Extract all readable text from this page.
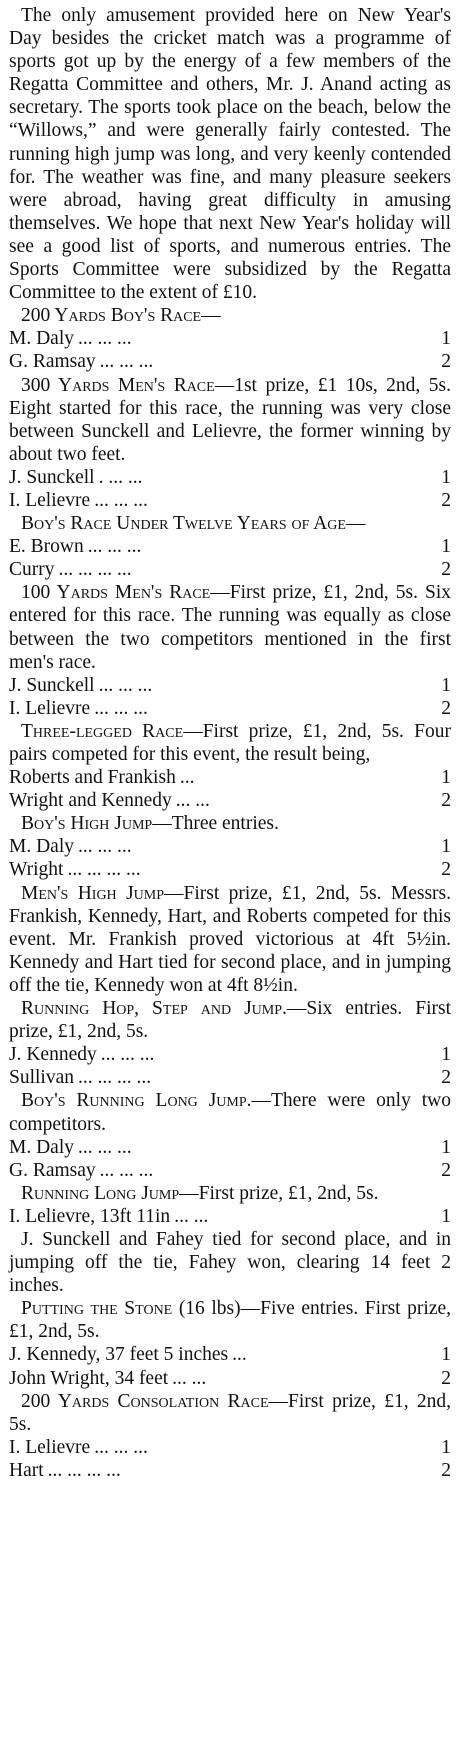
The only amusement provided here on New Year's Day besides the cricket match was a programme of sports got up by the energy of a few members of the Regatta Committee and others, Mr. J. Anand acting as secretary. The sports took place on the beach, below the “Willows,” and were generally fairly contested. The running high jump was long, and very keenly contended for. The weather was fine, and many pleasure seekers were abroad, having great difficulty in amusing themselves. We hope that next New Year's holiday will see a good list of sports, and numerous entries. The Sports Committee were subsidized by the Regatta Committee to the extent of £10.

200 Yards Boy's Race—

M. Daly ... ... ...	1
G. Ramsay ... ... ...	2

300 Yards Men's Race—1st prize, £1 10s, 2nd, 5s. Eight started for this race, the running was very close between Sunckell and Lelievre, the former winning by about two feet.

J. Sunckell . ... ...	1
I. Lelievre ... ... ...	2

Boy's Race Under Twelve Years of Age—

E. Brown ... ... ...	1
Curry ... ... ... ...	2

100 Yards Men's Race—First prize, £1, 2nd, 5s. Six entered for this race. The running was equally as close between the two competitors mentioned in the first men's race.

J. Sunckell ... ... ...	1
I. Lelievre ... ... ...	2

Three-legged Race—First prize, £1, 2nd, 5s. Four pairs competed for this event, the result being,

Roberts and Frankish ...	1
Wright and Kennedy ... ...	2

Boy's High Jump—Three entries.

M. Daly ... ... ...	1
Wright ... ... ... ...	2

Men's High Jump—First prize, £1, 2nd, 5s. Messrs. Frankish, Kennedy, Hart, and Roberts competed for this event. Mr. Frankish proved victorious at 4ft 5½in. Kennedy and Hart tied for second place, and in jumping off the tie, Kennedy won at 4ft 8½in.

Running Hop, Step and Jump.—Six entries. First prize, £1, 2nd, 5s.

J. Kennedy ... ... ...	1
Sullivan ... ... ... ...	2

Boy's Running Long Jump.—There were only two competitors.

M. Daly ... ... ...	1
G. Ramsay ... ... ...	2

Running Long Jump—First prize, £1, 2nd, 5s.

I. Lelievre, 13ft 11in ... ...	1

J. Sunckell and Fahey tied for second place, and in jumping off the tie, Fahey won, clearing 14 feet 2 inches.

Putting the Stone (16 lbs)—Five entries. First prize, £1, 2nd, 5s.

J. Kennedy, 37 feet 5 inches ...	1
John Wright, 34 feet ... ...	2

200 Yards Consolation Race—First prize, £1, 2nd, 5s.

I. Lelievre ... ... ...	1
Hart ... ... ... ...	2
